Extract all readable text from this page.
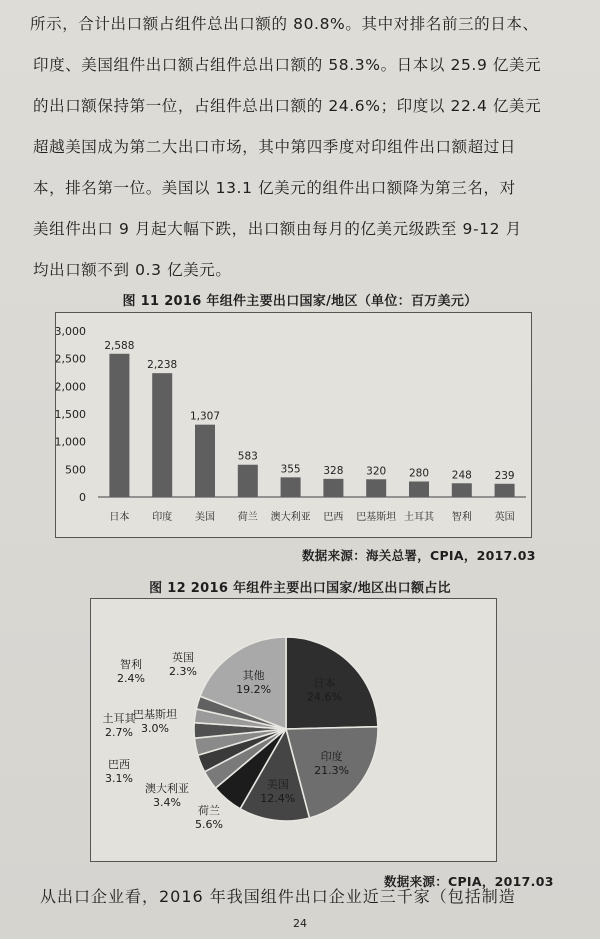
所示，合计出口额占组件总出口额的 80.8%。其中对排名前三的日本、
印度、美国组件出口额占组件总出口额的 58.3%。日本以 25.9 亿美元
的出口额保持第一位，占组件总出口额的 24.6%；印度以 22.4 亿美元
超越美国成为第二大出口市场，其中第四季度对印组件出口额超过日
本，排名第一位。美国以 13.1 亿美元的组件出口额降为第三名，对
美组件出口 9 月起大幅下跌，出口额由每月的亿美元级跌至 9-12 月
均出口额不到 0.3 亿美元。
图 11 2016 年组件主要出口国家/地区（单位：百万美元）
0
500
1,000
1,500
2,000
2,500
3,000
2,588
日本
2,238
印度
1,307
美国
583
荷兰
355
澳大利亚
328
巴西
320
巴基斯坦
280
土耳其
248
智利
239
英国
数据来源：海关总署，CPIA，2017.03
图 12 2016 年组件主要出口国家/地区出口额占比
日本
24.6%
印度
21.3%
美国
12.4%
荷兰
5.6%
澳大利亚
3.4%
巴西
3.1%
巴基斯坦
3.0%
土耳其
2.7%
智利
2.4%
英国
2.3%	其他
19.2%
数据来源：CPIA，2017.03
从出口企业看，2016 年我国组件出口企业近三千家（包括制造
24
